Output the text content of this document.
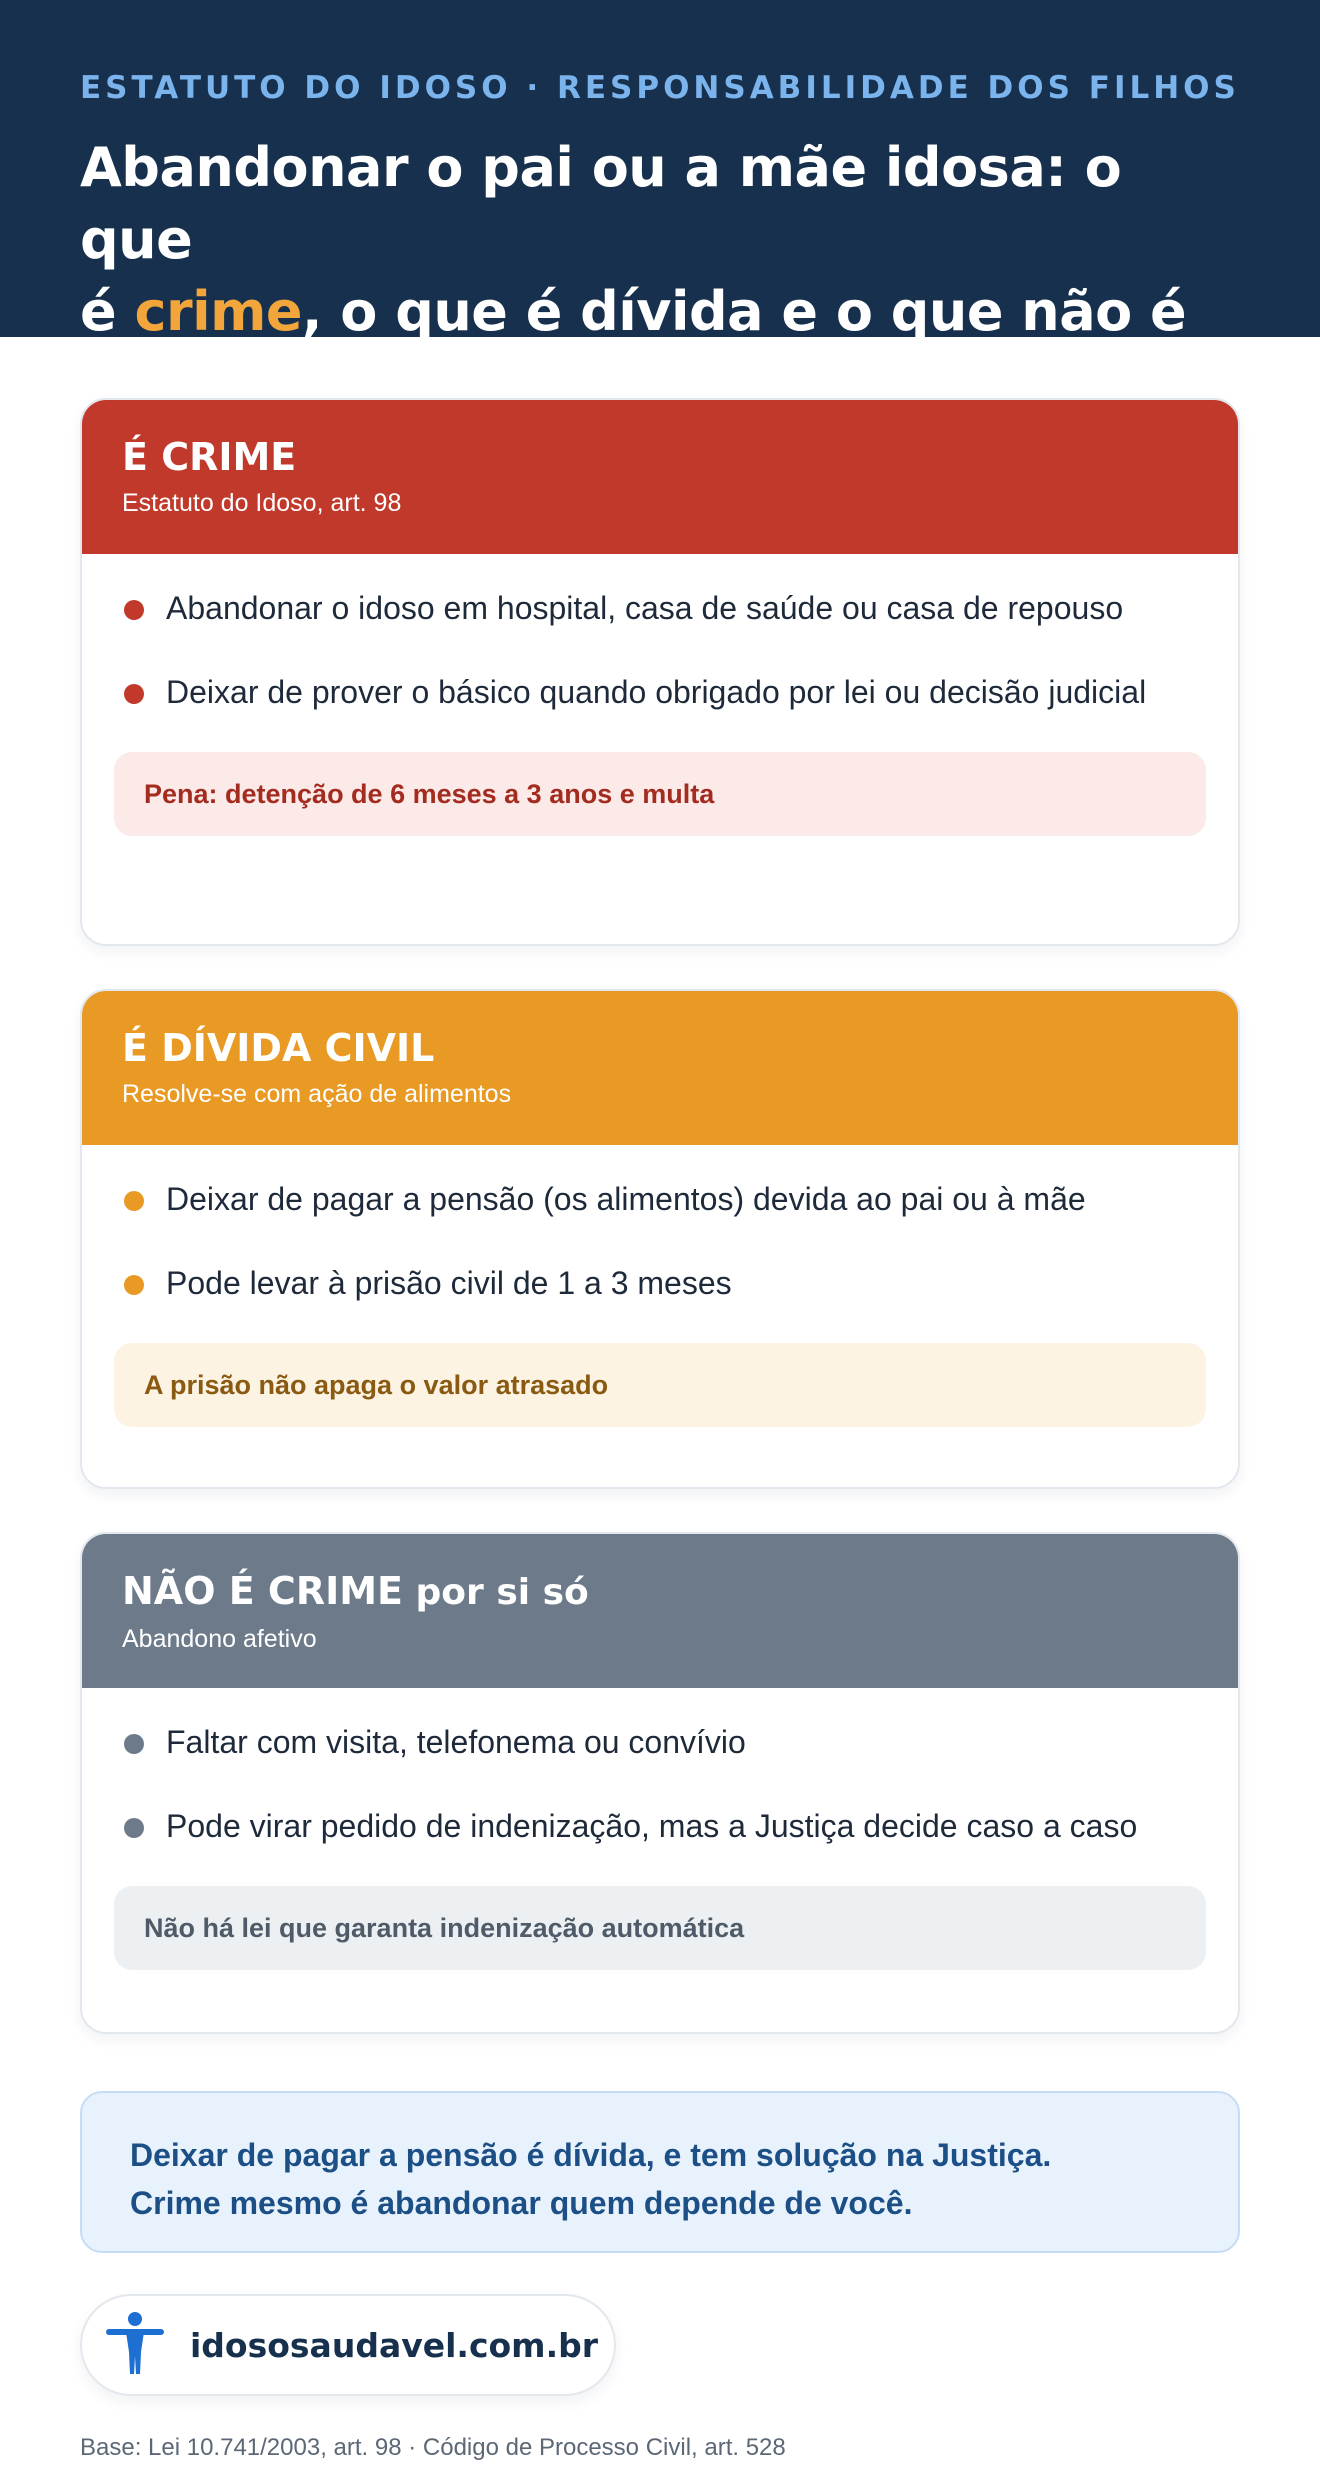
ESTATUTO DO IDOSO · RESPONSABILIDADE DOS FILHOS
Abandonar o pai ou a mãe idosa: o que
é crime, o que é dívida e o que não é
É CRIME
Estatuto do Idoso, art. 98
Abandonar o idoso em hospital, casa de saúde ou casa de repouso
Deixar de prover o básico quando obrigado por lei ou decisão judicial
Pena: detenção de 6 meses a 3 anos e multa
É DÍVIDA CIVIL
Resolve-se com ação de alimentos
Deixar de pagar a pensão (os alimentos) devida ao pai ou à mãe
Pode levar à prisão civil de 1 a 3 meses
A prisão não apaga o valor atrasado
NÃO É CRIME por si só
Abandono afetivo
Faltar com visita, telefonema ou convívio
Pode virar pedido de indenização, mas a Justiça decide caso a caso
Não há lei que garanta indenização automática

Deixar de pagar a pensão é dívida, e tem solução na Justiça.

Crime mesmo é abandonar quem depende de você.

idososaudavel.com.br
Base: Lei 10.741/2003, art. 98 · Código de Processo Civil, art. 528
